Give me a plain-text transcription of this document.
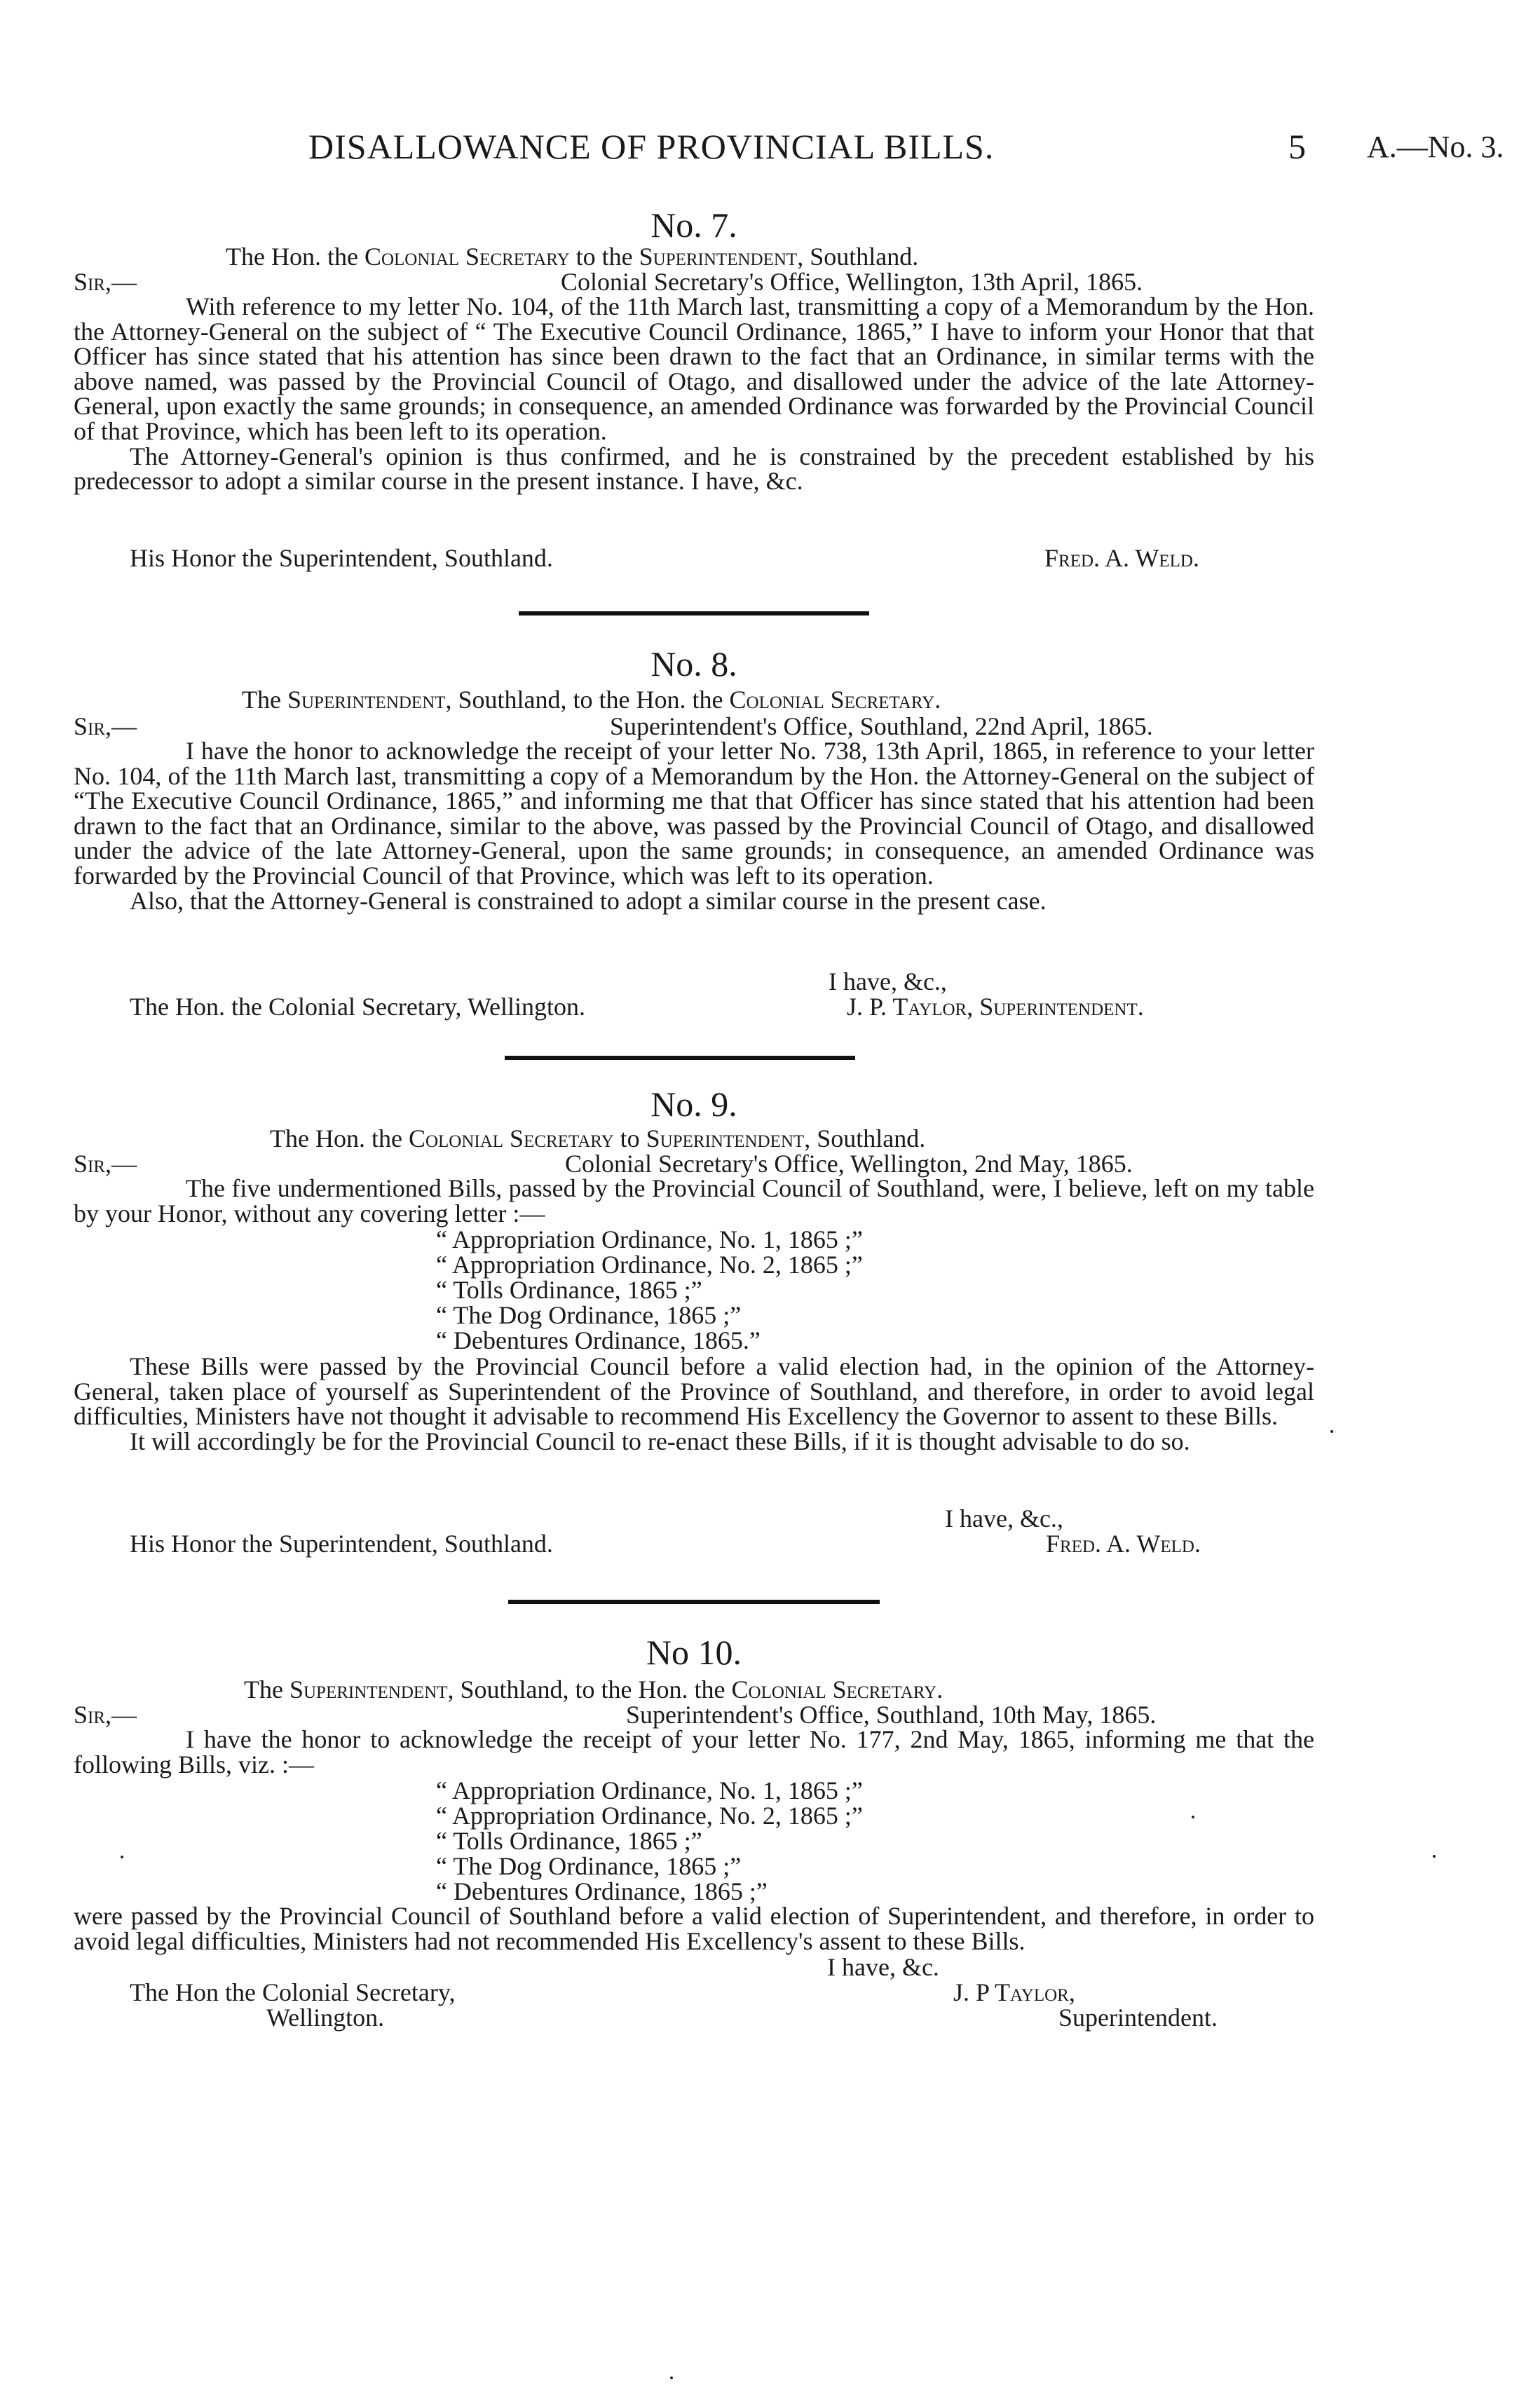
DISALLOWANCE OF PROVINCIAL BILLS.	5 A.—No. 3.
No. 7.
The Hon. the Colonial Secretary to the Superintendent, Southland.
Sir,—	Colonial Secretary's Office, Wellington, 13th April, 1865.
With reference to my letter No. 104, of the 11th March last, transmitting a copy of a Memorandum by the Hon. the Attorney-General on the subject of “ The Executive Council Ordinance, 1865,” I have to inform your Honor that that Officer has since stated that his attention has since been drawn to the fact that an Ordinance, in similar terms with the above named, was passed by the Provincial Council of Otago, and disallowed under the advice of the late Attorney-General, upon exactly the same grounds; in consequence, an amended Ordinance was forwarded by the Provincial Council of that Province, which has been left to its operation.
The Attorney-General's opinion is thus confirmed, and he is constrained by the precedent established by his predecessor to adopt a similar course in the present instance. I have, &c.
His Honor the Superintendent, Southland.	Fred. A. Weld.
No. 8.
The Superintendent, Southland, to the Hon. the Colonial Secretary.
Sir,—	Superintendent's Office, Southland, 22nd April, 1865.
I have the honor to acknowledge the receipt of your letter No. 738, 13th April, 1865, in reference to your letter No. 104, of the 11th March last, transmitting a copy of a Memorandum by the Hon. the Attorney-General on the subject of “The Executive Council Ordinance, 1865,” and informing me that that Officer has since stated that his attention had been drawn to the fact that an Ordinance, similar to the above, was passed by the Provincial Council of Otago, and disallowed under the advice of the late Attorney-General, upon the same grounds; in consequence, an amended Ordinance was forwarded by the Provincial Council of that Province, which was left to its operation.
Also, that the Attorney-General is constrained to adopt a similar course in the present case.
I have, &c.,
The Hon. the Colonial Secretary, Wellington.	J. P. Taylor, Superintendent.
No. 9.
The Hon. the Colonial Secretary to Superintendent, Southland.
Sir,—	Colonial Secretary's Office, Wellington, 2nd May, 1865.
The five undermentioned Bills, passed by the Provincial Council of Southland, were, I believe, left on my table by your Honor, without any covering letter :—
“ Appropriation Ordinance, No. 1, 1865 ;”
“ Appropriation Ordinance, No. 2, 1865 ;”
“ Tolls Ordinance, 1865 ;”
“ The Dog Ordinance, 1865 ;”
“ Debentures Ordinance, 1865.”
These Bills were passed by the Provincial Council before a valid election had, in the opinion of the Attorney-General, taken place of yourself as Superintendent of the Province of Southland, and therefore, in order to avoid legal difficulties, Ministers have not thought it advisable to recommend His Excellency the Governor to assent to these Bills.
It will accordingly be for the Provincial Council to re-enact these Bills, if it is thought advisable to do so.
I have, &c.,
His Honor the Superintendent, Southland.	Fred. A. Weld.
No 10.
The Superintendent, Southland, to the Hon. the Colonial Secretary.
Sir,—	Superintendent's Office, Southland, 10th May, 1865.
I have the honor to acknowledge the receipt of your letter No. 177, 2nd May, 1865, informing me that the following Bills, viz. :—
“ Appropriation Ordinance, No. 1, 1865 ;”
“ Appropriation Ordinance, No. 2, 1865 ;”
“ Tolls Ordinance, 1865 ;”
“ The Dog Ordinance, 1865 ;”
“ Debentures Ordinance, 1865 ;”
were passed by the Provincial Council of Southland before a valid election of Superintendent, and therefore, in order to avoid legal difficulties, Ministers had not recommended His Excellency's assent to these Bills.
I have, &c.
The Hon the Colonial Secretary,
Wellington.
J. P Taylor,
Superintendent.
